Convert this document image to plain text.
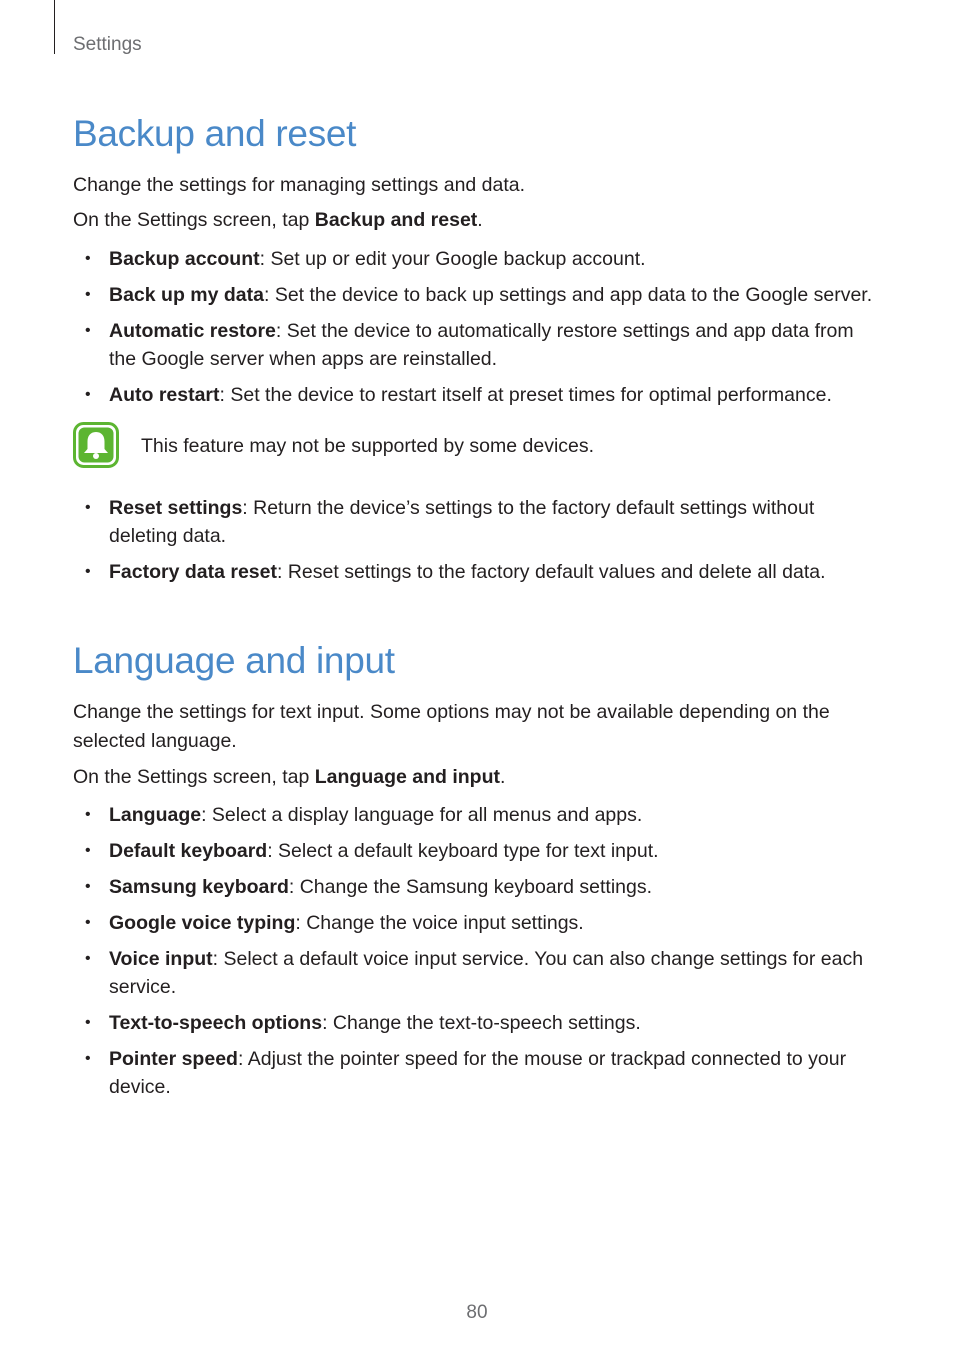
Settings
Backup and reset
Change the settings for managing settings and data.
On the Settings screen, tap Backup and reset.
• Backup account: Set up or edit your Google backup account.
• Back up my data: Set the device to back up settings and app data to the Google server.
• Automatic restore: Set the device to automatically restore settings and app data from the Google server when apps are reinstalled.
• Auto restart: Set the device to restart itself at preset times for optimal performance.
This feature may not be supported by some devices.
• Reset settings: Return the device’s settings to the factory default settings without deleting data.
• Factory data reset: Reset settings to the factory default values and delete all data.
Language and input
Change the settings for text input. Some options may not be available depending on the selected language.
On the Settings screen, tap Language and input.
• Language: Select a display language for all menus and apps.
• Default keyboard: Select a default keyboard type for text input.
• Samsung keyboard: Change the Samsung keyboard settings.
• Google voice typing: Change the voice input settings.
• Voice input: Select a default voice input service. You can also change settings for each service.
• Text-to-speech options: Change the text-to-speech settings.
• Pointer speed: Adjust the pointer speed for the mouse or trackpad connected to your device.
80
